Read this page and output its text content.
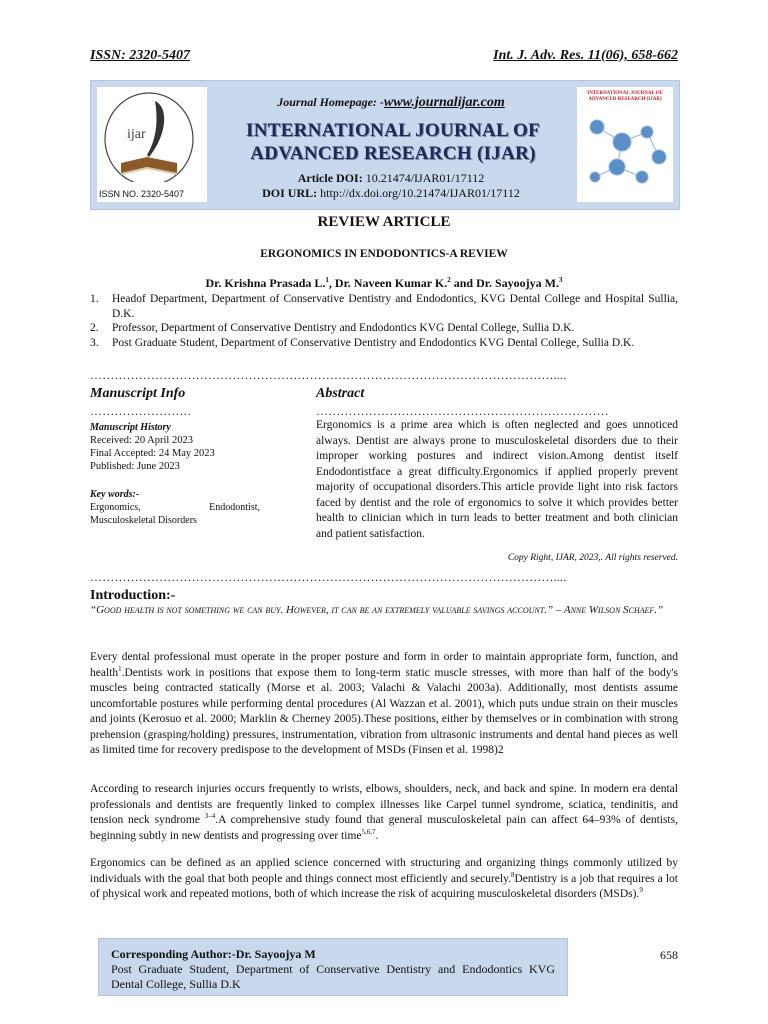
ISSN: 2320-5407	Int. J. Adv. Res. 11(06), 658-662
ijar
ISSN NO. 2320-5407
Journal Homepage: -www.journalijar.com
INTERNATIONAL JOURNAL OF
ADVANCED RESEARCH (IJAR)
Article DOI: 10.21474/IJAR01/17112
DOI URL: http://dx.doi.org/10.21474/IJAR01/17112
INTERNATIONAL JOURNAL OF ADVANCED RESEARCH (IJAR)
REVIEW ARTICLE
ERGONOMICS IN ENDODONTICS-A REVIEW
Dr. Krishna Prasada L.$^1$, Dr. Naveen Kumar K.$^2$ and Dr. Sayoojya M.$^3$
1. Headof Department, Department of Conservative Dentistry and Endodontics, KVG Dental College and Hospital Sullia, D.K.
2. Professor, Department of Conservative Dentistry and Endodontics KVG Dental College, Sullia D.K.
3. Post Graduate Student, Department of Conservative Dentistry and Endodontics KVG Dental College, Sullia D.K.
……………………………………………………………………………………………………....
Manuscript Info
…………………….
Manuscript History
Received: 20 April 2023
Final Accepted: 24 May 2023
Published: June 2023
Key words:-
Ergonomics,	Endodontist,
Musculoskeletal Disorders
Abstract
………………………………………………………………
Ergonomics is a prime area which is often neglected and goes unnoticed always. Dentist are always prone to musculoskeletal disorders due to their improper working postures and indirect vision.Among dentist itself Endodontistface a great difficulty.Ergonomics if applied properly prevent majority of occupational disorders.This article provide light into risk factors faced by dentist and the role of ergonomics to solve it which provides better health to clinician which in turn leads to better treatment and both clinician and patient satisfaction.
Copy Right, IJAR, 2023,. All rights reserved.
……………………………………………………………………………………………………....
Introduction:-
“Good health is not something we can buy. However, it can be an extremely valuable savings account.” – Anne Wilson Schaef.”
Every dental professional must operate in the proper posture and form in order to maintain appropriate form, function, and health$^1$.Dentists work in positions that expose them to long-term static muscle stresses, with more than half of the body's muscles being contracted statically (Morse et al. 2003; Valachi & Valachi 2003a). Additionally, most dentists assume uncomfortable postures while performing dental procedures (Al Wazzan et al. 2001), which puts undue strain on their muscles and joints (Kerosuo et al. 2000; Marklin & Cherney 2005).These positions, either by themselves or in combination with strong prehension (grasping/holding) pressures, instrumentation, vibration from ultrasonic instruments and dental hand pieces as well as limited time for recovery predispose to the development of MSDs (Finsen et al. 1998)2
According to research injuries occurs frequently to wrists, elbows, shoulders, neck, and back and spine. In modern era dental professionals and dentists are frequently linked to complex illnesses like Carpel tunnel syndrome, sciatica, tendinitis, and tension neck syndrome $^{3-4}$.A comprehensive study found that general musculoskeletal pain can affect 64–93% of dentists, beginning subtly in new dentists and progressing over time$^{5,6,7}$.
Ergonomics can be defined as an applied science concerned with structuring and organizing things commonly utilized by individuals with the goal that both people and things connect most efficiently and securely.$^8$Dentistry is a job that requires a lot of physical work and repeated motions, both of which increase the risk of acquiring musculoskeletal disorders (MSDs).$^9$
Corresponding Author:-Dr. Sayoojya M
Post Graduate Student, Department of Conservative Dentistry and Endodontics KVG Dental College, Sullia D.K
658
